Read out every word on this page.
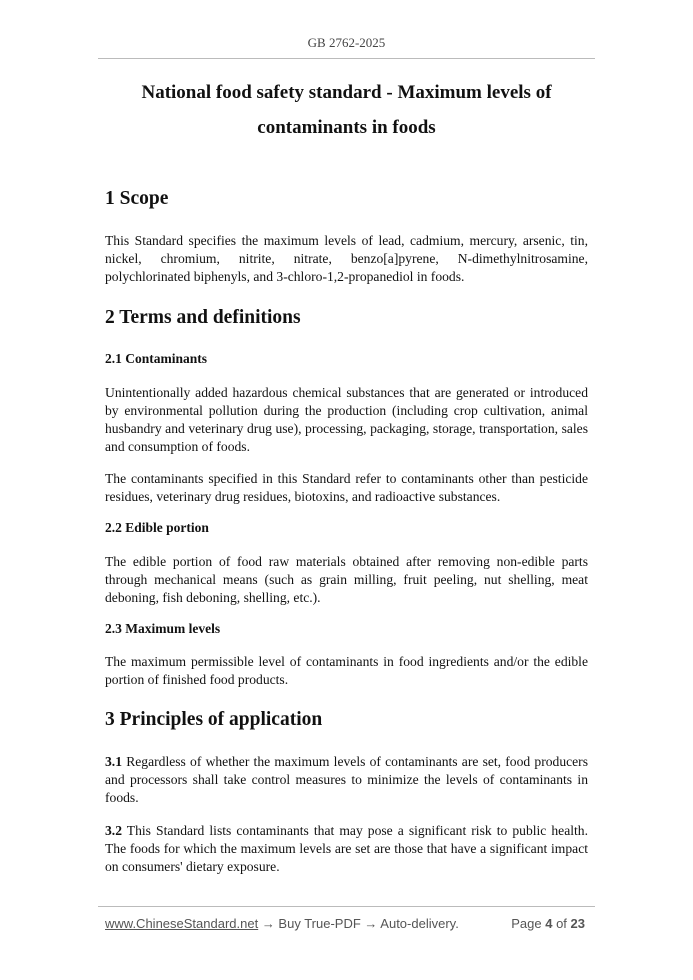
GB 2762-2025
National food safety standard - Maximum levels of
contaminants in foods
1 Scope

This Standard specifies the maximum levels of lead, cadmium, mercury, arsenic, tin, nickel, chromium, nitrite, nitrate, benzo[a]pyrene, N-dimethylnitrosamine, polychlorinated biphenyls, and 3-chloro-1,2-propanediol in foods.

2 Terms and definitions
2.1 Contaminants

Unintentionally added hazardous chemical substances that are generated or introduced by environmental pollution during the production (including crop cultivation, animal husbandry and veterinary drug use), processing, packaging, storage, transportation, sales and consumption of foods.

The contaminants specified in this Standard refer to contaminants other than pesticide residues, veterinary drug residues, biotoxins, and radioactive substances.

2.2 Edible portion

The edible portion of food raw materials obtained after removing non-edible parts through mechanical means (such as grain milling, fruit peeling, nut shelling, meat deboning, fish deboning, shelling, etc.).

2.3 Maximum levels

The maximum permissible level of contaminants in food ingredients and/or the edible portion of finished food products.

3 Principles of application

3.1 Regardless of whether the maximum levels of contaminants are set, food producers and processors shall take control measures to minimize the levels of contaminants in foods.

3.2 This Standard lists contaminants that may pose a significant risk to public health. The foods for which the maximum levels are set are those that have a significant impact on consumers' dietary exposure.

www.ChineseStandard.net → Buy True-PDF → Auto-delivery.	Page 4 of 23
